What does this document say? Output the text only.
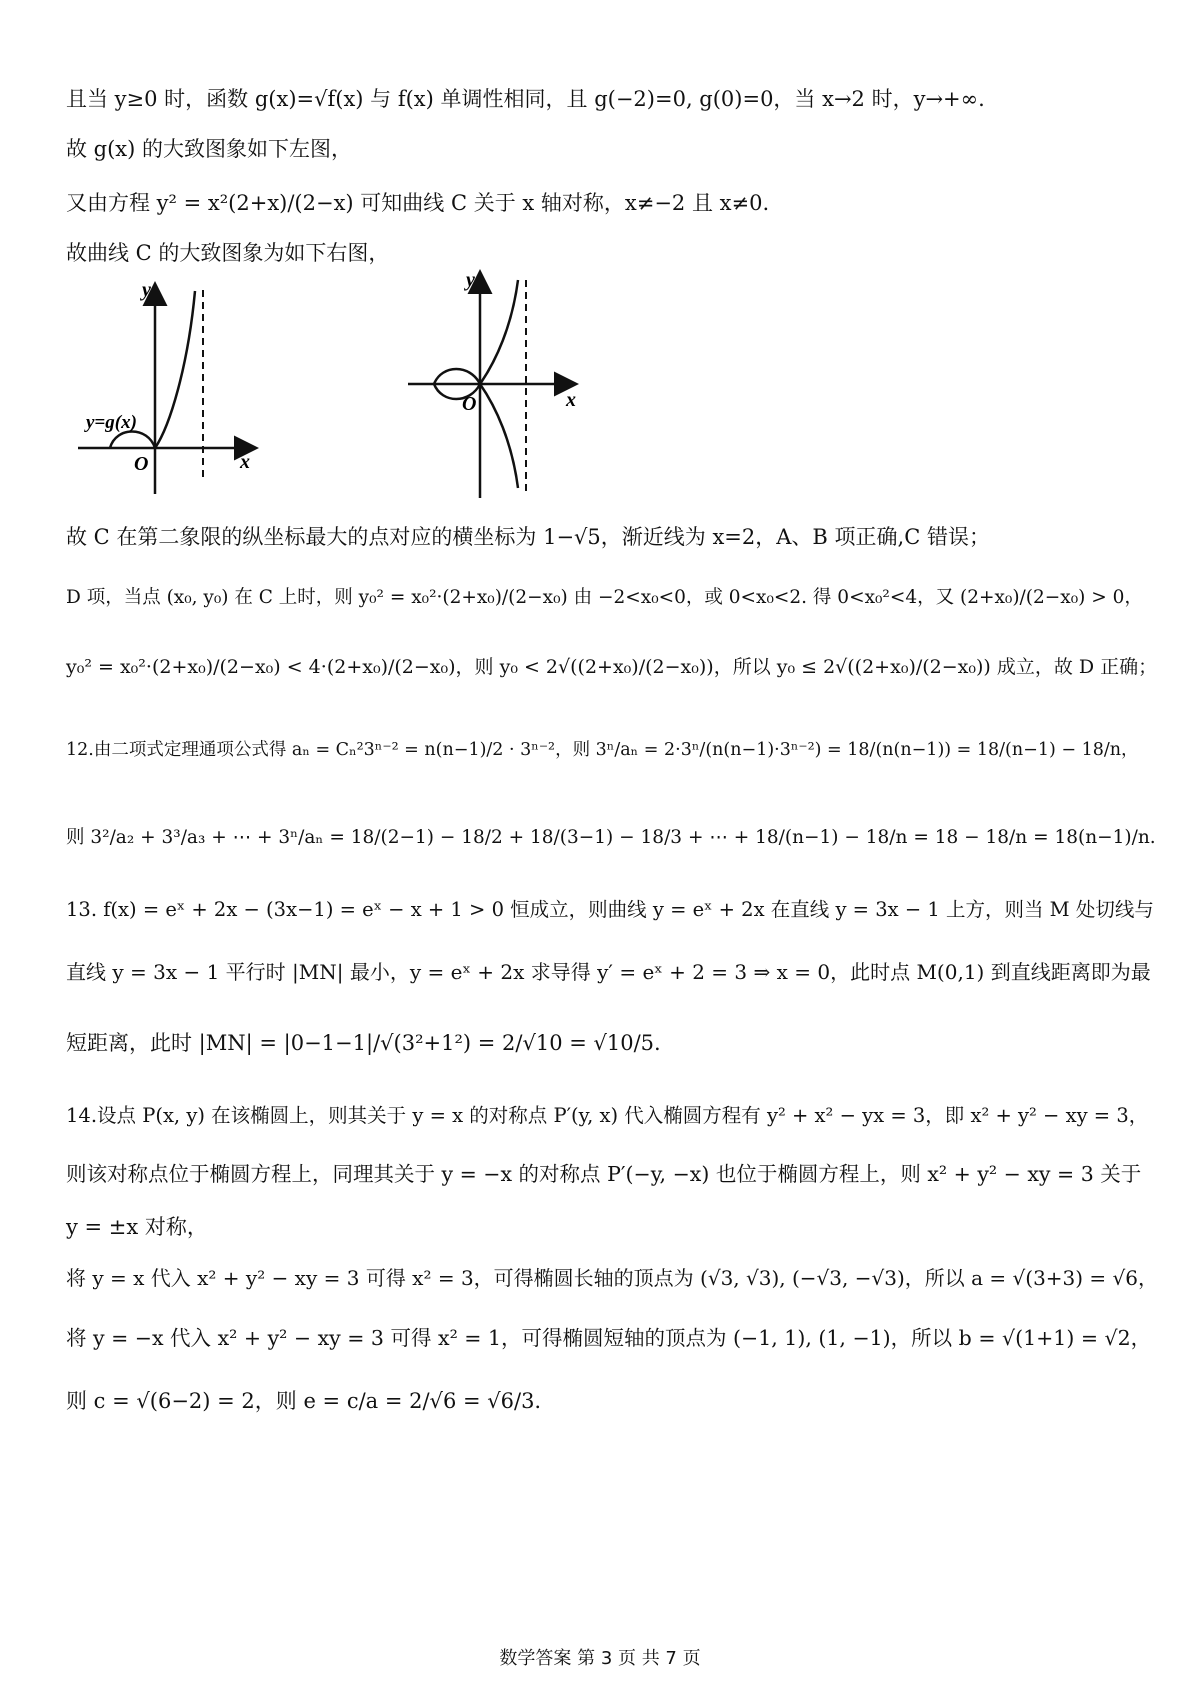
且当 y≥0 时，函数 g(x)=√f(x) 与 f(x) 单调性相同，且 g(−2)=0, g(0)=0，当 x→2 时，y→+∞.
故 g(x) 的大致图象如下左图，
又由方程 y² = x²(2+x)/(2−x) 可知曲线 C 关于 x 轴对称，x≠−2 且 x≠0.
故曲线 C 的大致图象为如下右图，
y
x
O
y=g(x)
y
x
O
故 C 在第二象限的纵坐标最大的点对应的横坐标为 1−√5，渐近线为 x=2，A、B 项正确,C 错误；
D 项，当点 (x₀, y₀) 在 C 上时，则 y₀² = x₀²·(2+x₀)/(2−x₀) 由 −2<x₀<0，或 0<x₀<2. 得 0<x₀²<4，又 (2+x₀)/(2−x₀) > 0，
y₀² = x₀²·(2+x₀)/(2−x₀) < 4·(2+x₀)/(2−x₀)，则 y₀ < 2√((2+x₀)/(2−x₀))，所以 y₀ ≤ 2√((2+x₀)/(2−x₀)) 成立，故 D 正确；
12.由二项式定理通项公式得 aₙ = Cₙ²3ⁿ⁻² = n(n−1)/2 · 3ⁿ⁻²，则 3ⁿ/aₙ = 2·3ⁿ/(n(n−1)·3ⁿ⁻²) = 18/(n(n−1)) = 18/(n−1) − 18/n，
则 3²/a₂ + 3³/a₃ + ⋯ + 3ⁿ/aₙ = 18/(2−1) − 18/2 + 18/(3−1) − 18/3 + ⋯ + 18/(n−1) − 18/n = 18 − 18/n = 18(n−1)/n.
13. f(x) = eˣ + 2x − (3x−1) = eˣ − x + 1 > 0 恒成立，则曲线 y = eˣ + 2x 在直线 y = 3x − 1 上方，则当 M 处切线与
直线 y = 3x − 1 平行时 |MN| 最小，y = eˣ + 2x 求导得 y′ = eˣ + 2 = 3 ⇒ x = 0，此时点 M(0,1) 到直线距离即为最
短距离，此时 |MN| = |0−1−1|/√(3²+1²) = 2/√10 = √10/5.
14.设点 P(x, y) 在该椭圆上，则其关于 y = x 的对称点 P′(y, x) 代入椭圆方程有 y² + x² − yx = 3，即 x² + y² − xy = 3，
则该对称点位于椭圆方程上，同理其关于 y = −x 的对称点 P′(−y, −x) 也位于椭圆方程上，则 x² + y² − xy = 3 关于
y = ±x 对称，
将 y = x 代入 x² + y² − xy = 3 可得 x² = 3，可得椭圆长轴的顶点为 (√3, √3), (−√3, −√3)，所以 a = √(3+3) = √6，
将 y = −x 代入 x² + y² − xy = 3 可得 x² = 1，可得椭圆短轴的顶点为 (−1, 1), (1, −1)，所以 b = √(1+1) = √2，
则 c = √(6−2) = 2，则 e = c/a = 2/√6 = √6/3.
数学答案 第 3 页 共 7 页
